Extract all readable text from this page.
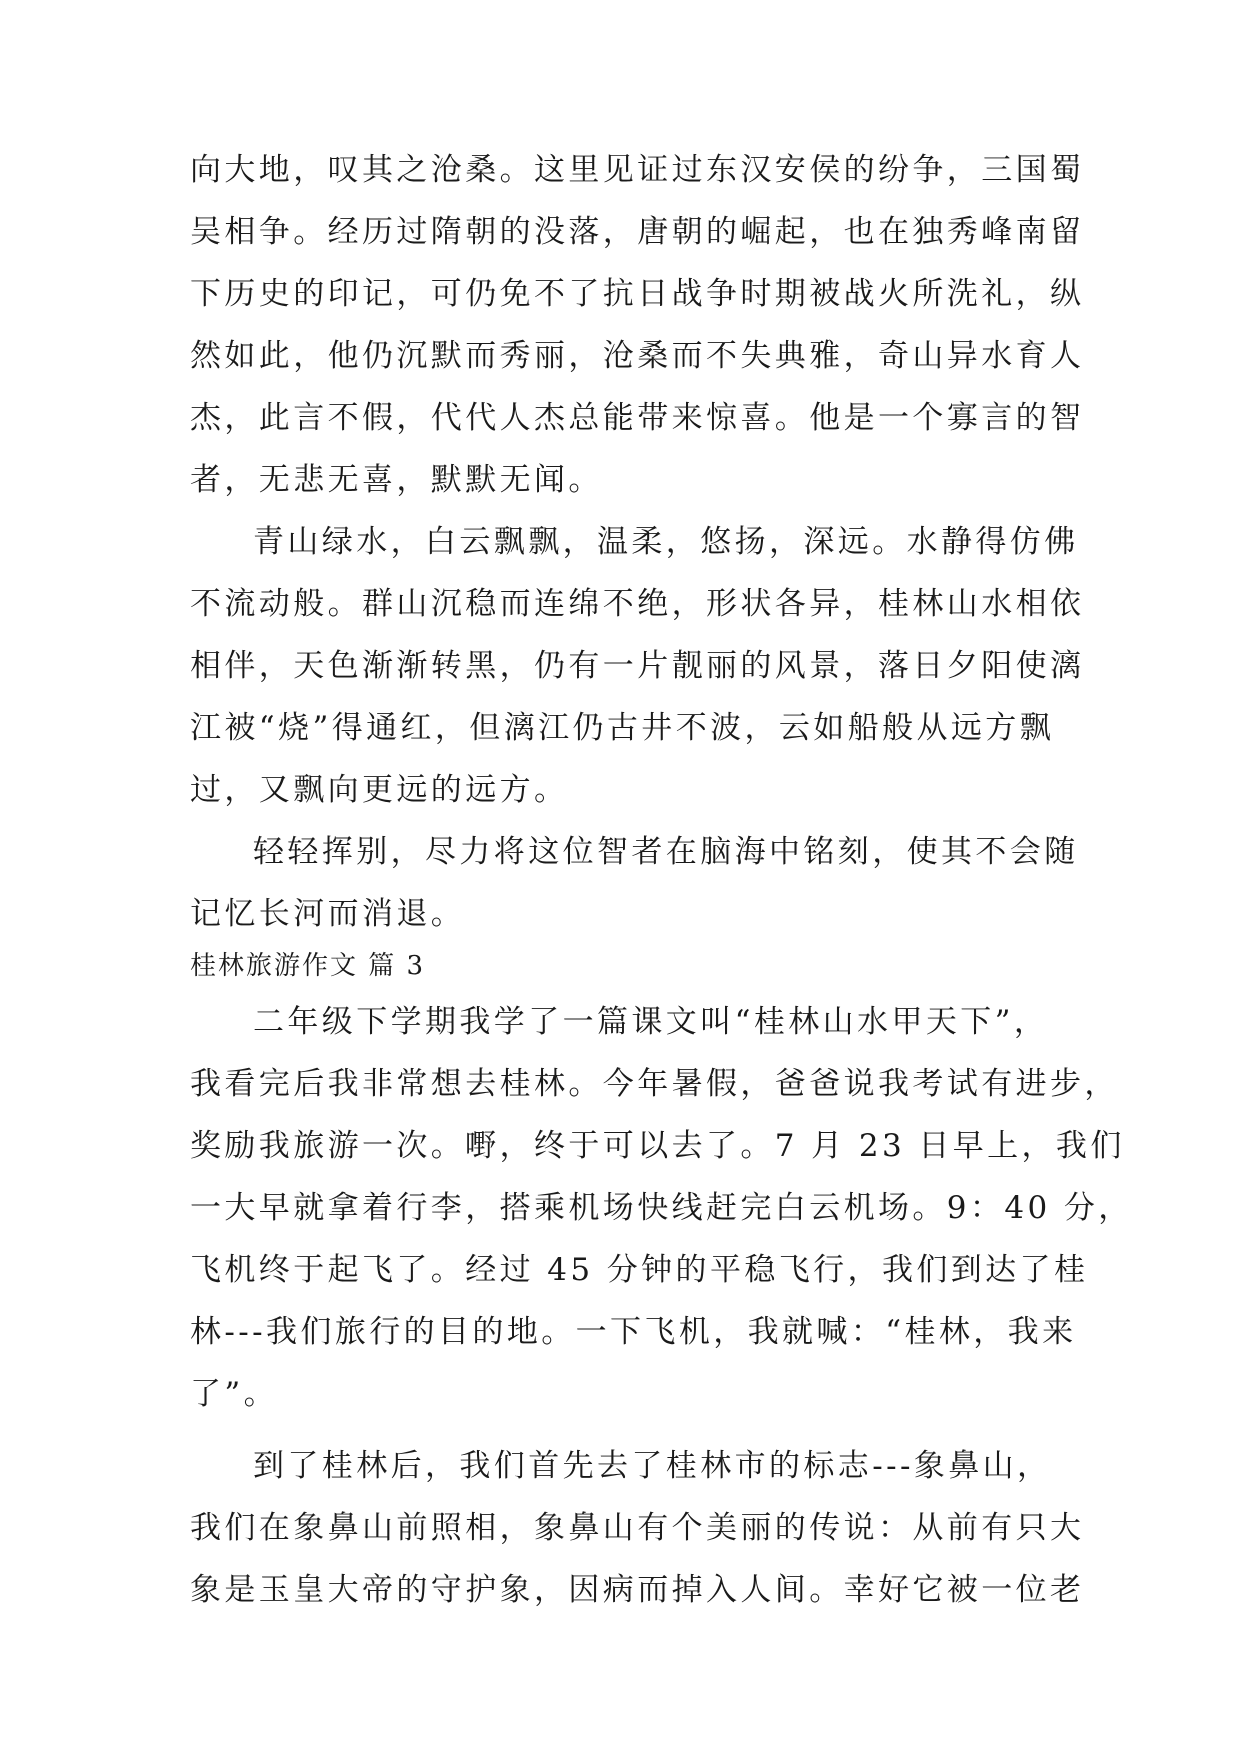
向大地，叹其之沧桑。这里见证过东汉安侯的纷争，三国蜀
吴相争。经历过隋朝的没落，唐朝的崛起，也在独秀峰南留
下历史的印记，可仍免不了抗日战争时期被战火所洗礼，纵
然如此，他仍沉默而秀丽，沧桑而不失典雅，奇山异水育人
杰，此言不假，代代人杰总能带来惊喜。他是一个寡言的智
者，无悲无喜，默默无闻。
青山绿水，白云飘飘，温柔，悠扬，深远。水静得仿佛
不流动般。群山沉稳而连绵不绝，形状各异，桂林山水相依
相伴，天色渐渐转黑，仍有一片靓丽的风景，落日夕阳使漓
江被“烧”得通红，但漓江仍古井不波，云如船般从远方飘
过，又飘向更远的远方。
轻轻挥别，尽力将这位智者在脑海中铭刻，使其不会随
记忆长河而消退。
桂林旅游作文 篇 3
二年级下学期我学了一篇课文叫“桂林山水甲天下”，
我看完后我非常想去桂林。今年暑假，爸爸说我考试有进步，
奖励我旅游一次。嘢，终于可以去了。7 月 23 日早上，我们
一大早就拿着行李，搭乘机场快线赶完白云机场。9：40 分，
飞机终于起飞了。经过 45 分钟的平稳飞行，我们到达了桂
林---我们旅行的目的地。一下飞机，我就喊：“桂林，我来
了”。
到了桂林后，我们首先去了桂林市的标志---象鼻山，
我们在象鼻山前照相，象鼻山有个美丽的传说：从前有只大
象是玉皇大帝的守护象，因病而掉入人间。幸好它被一位老
